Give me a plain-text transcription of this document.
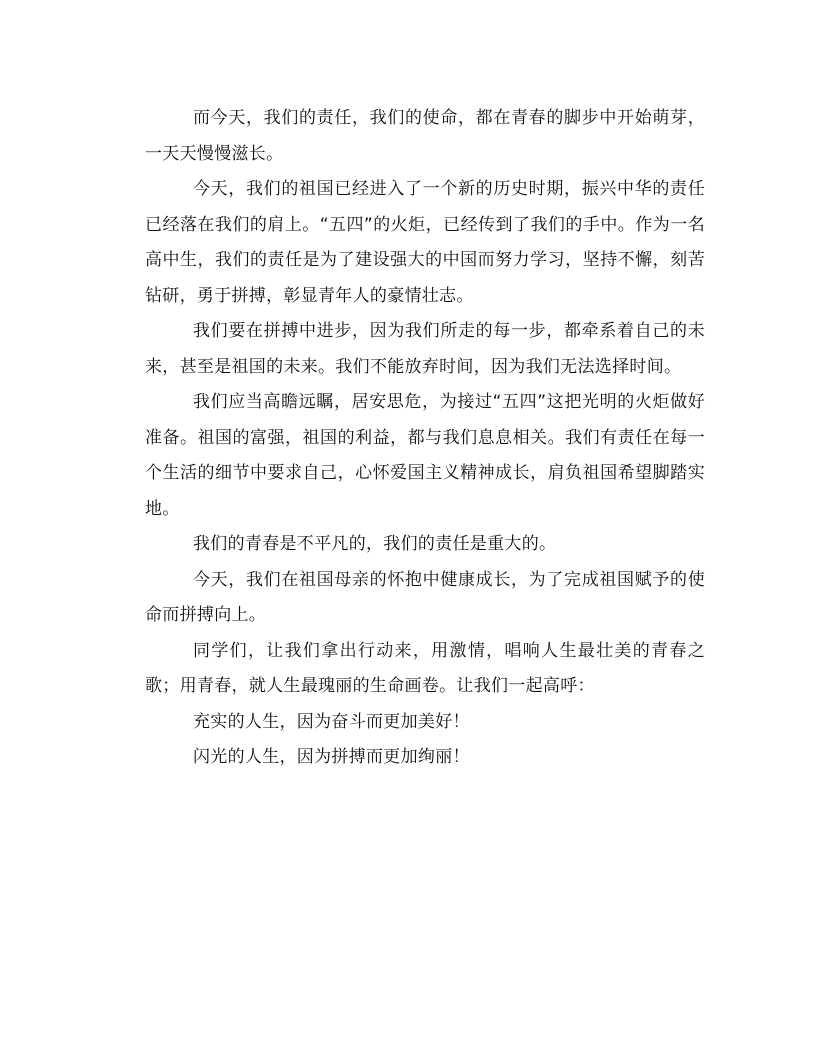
而今天，我们的责任，我们的使命，都在青春的脚步中开始萌芽，一天天慢慢滋长。

今天，我们的祖国已经进入了一个新的历史时期，振兴中华的责任已经落在我们的肩上。“五四”的火炬，已经传到了我们的手中。作为一名高中生，我们的责任是为了建设强大的中国而努力学习，坚持不懈，刻苦钻研，勇于拼搏，彰显青年人的豪情壮志。

我们要在拼搏中进步，因为我们所走的每一步，都牵系着自己的未来，甚至是祖国的未来。我们不能放弃时间，因为我们无法选择时间。

我们应当高瞻远瞩，居安思危，为接过“五四”这把光明的火炬做好准备。祖国的富强，祖国的利益，都与我们息息相关。我们有责任在每一个生活的细节中要求自己，心怀爱国主义精神成长，肩负祖国希望脚踏实地。

我们的青春是不平凡的，我们的责任是重大的。

今天，我们在祖国母亲的怀抱中健康成长，为了完成祖国赋予的使命而拼搏向上。

同学们，让我们拿出行动来，用激情，唱响人生最壮美的青春之歌；用青春，就人生最瑰丽的生命画卷。让我们一起高呼：

充实的人生，因为奋斗而更加美好！

闪光的人生，因为拼搏而更加绚丽！
